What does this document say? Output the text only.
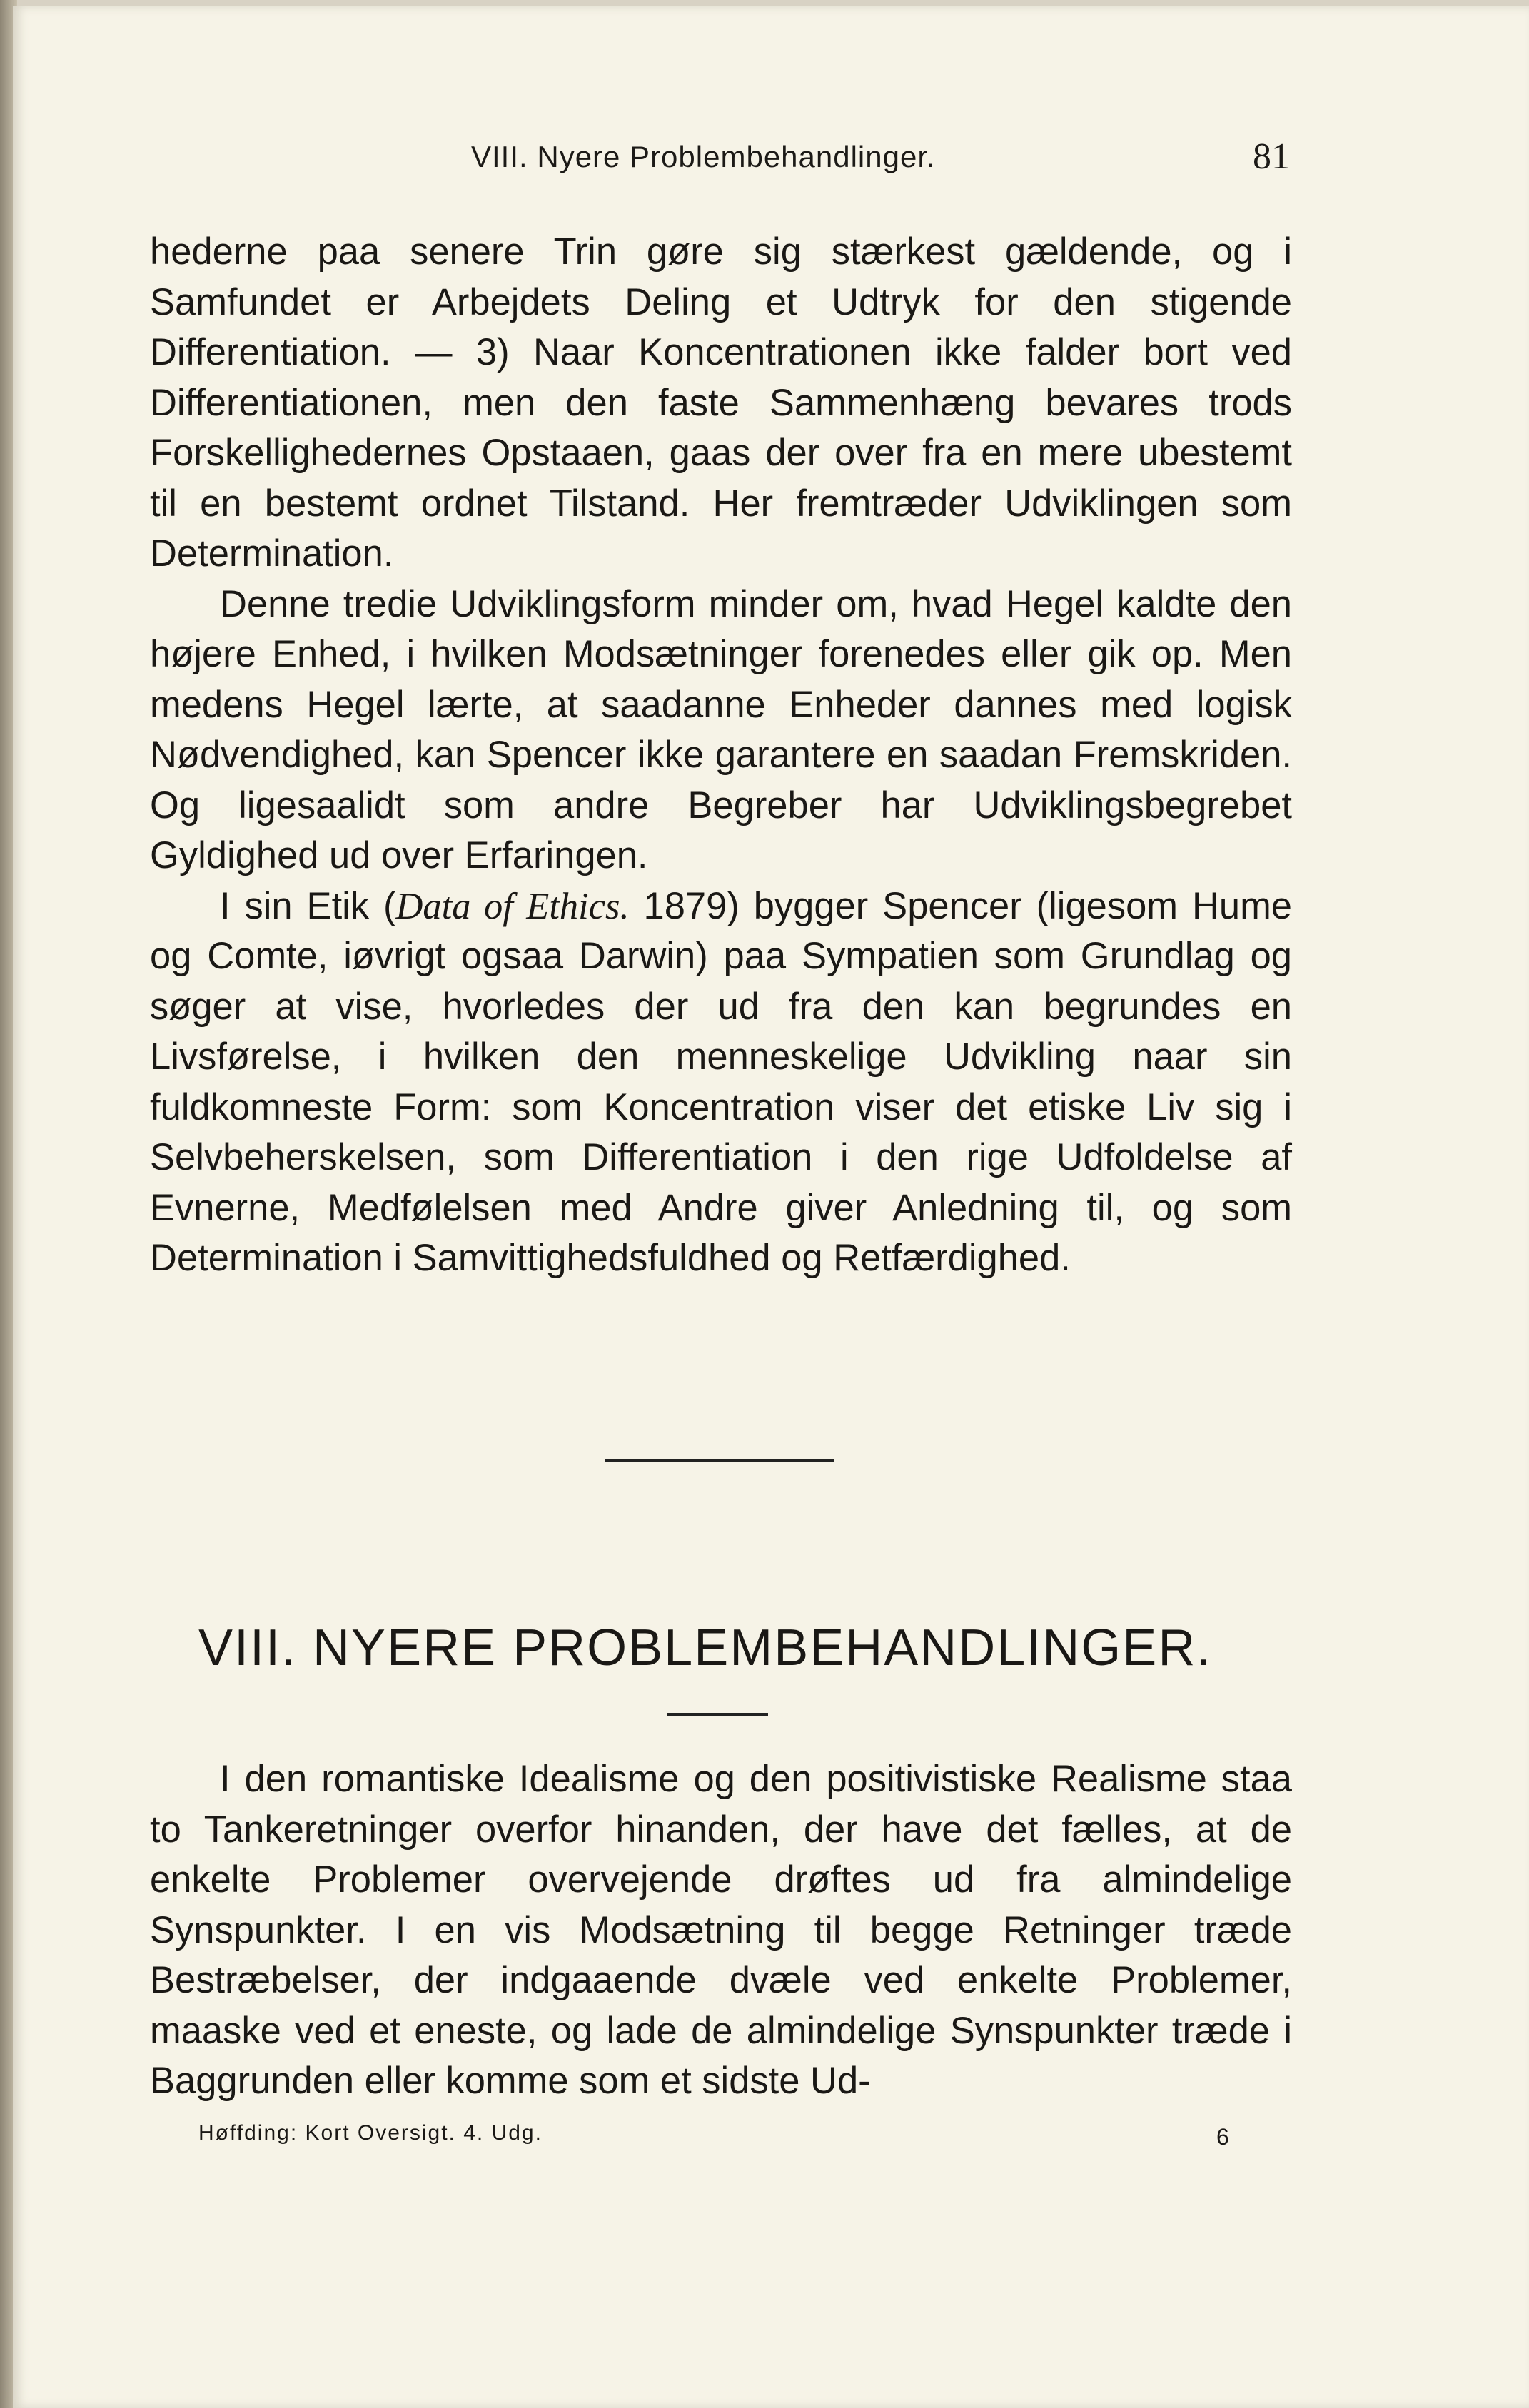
VIII. Nyere Problembehandlinger.	81

hederne paa senere Trin gøre sig stærkest gældende, og i Samfundet er Arbejdets Deling et Udtryk for den stigende Differentiation. — 3) Naar Koncentrationen ikke falder bort ved Differentiationen, men den faste Sammenhæng bevares trods Forskellighedernes Opstaaen, gaas der over fra en mere ubestemt til en bestemt ordnet Tilstand. Her fremtræder Udviklingen som Determination.

Denne tredie Udviklingsform minder om, hvad Hegel kaldte den højere Enhed, i hvilken Modsætninger forenedes eller gik op. Men medens Hegel lærte, at saadanne Enheder dannes med logisk Nødvendighed, kan Spencer ikke garantere en saadan Fremskriden. Og ligesaalidt som andre Begreber har Udviklingsbegrebet Gyldighed ud over Erfaringen.

I sin Etik (Data of Ethics. 1879) bygger Spencer (ligesom Hume og Comte, iøvrigt ogsaa Darwin) paa Sympatien som Grundlag og søger at vise, hvorledes der ud fra den kan begrundes en Livsførelse, i hvilken den menneskelige Udvikling naar sin fuldkomneste Form: som Koncentration viser det etiske Liv sig i Selvbeherskelsen, som Differentiation i den rige Udfoldelse af Evnerne, Medfølelsen med Andre giver Anledning til, og som Determination i Samvittighedsfuldhed og Retfærdighed.

VIII. NYERE PROBLEMBEHANDLINGER.

I den romantiske Idealisme og den positivistiske Realisme staa to Tankeretninger overfor hinanden, der have det fælles, at de enkelte Problemer overvejende drøftes ud fra almindelige Synspunkter. I en vis Modsætning til begge Retninger træde Bestræbelser, der indgaaende dvæle ved enkelte Problemer, maaske ved et eneste, og lade de almindelige Synspunkter træde i Baggrunden eller komme som et sidste Ud-

Høffding: Kort Oversigt. 4. Udg.	6
